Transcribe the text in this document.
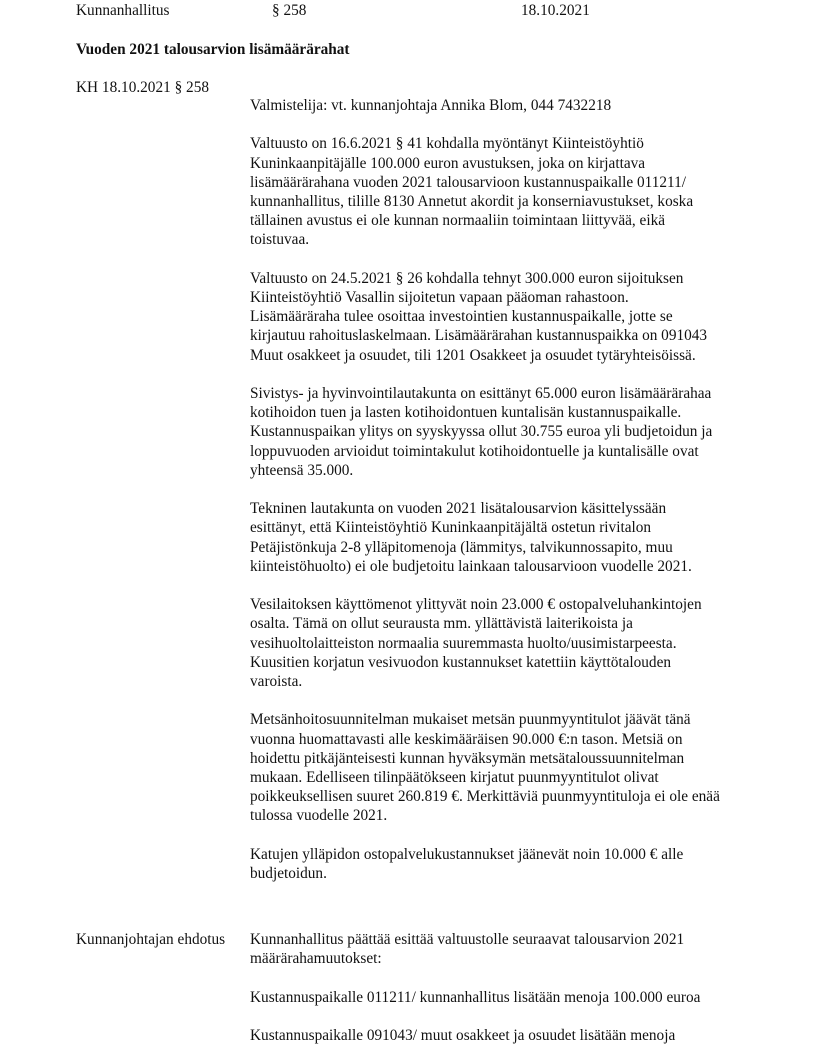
Kunnanhallitus	§ 258	18.10.2021
Vuoden 2021 talousarvion lisämäärärahat
KH 18.10.2021 § 258

Valmistelija: vt. kunnanjohtaja Annika Blom, 044 7432218

Valtuusto on 16.6.2021 § 41 kohdalla myöntänyt Kiinteistöyhtiö
Kuninkaanpitäjälle 100.000 euron avustuksen, joka on kirjattava
lisämäärärahana vuoden 2021 talousarvioon kustannuspaikalle 011211/
kunnanhallitus, tilille 8130 Annetut akordit ja konserniavustukset, koska
tällainen avustus ei ole kunnan normaaliin toimintaan liittyvää, eikä
toistuvaa.

Valtuusto on 24.5.2021 § 26 kohdalla tehnyt 300.000 euron sijoituksen
Kiinteistöyhtiö Vasallin sijoitetun vapaan pääoman rahastoon.
Lisämääräraha tulee osoittaa investointien kustannuspaikalle, jotte se
kirjautuu rahoituslaskelmaan. Lisämäärärahan kustannuspaikka on 091043
Muut osakkeet ja osuudet, tili 1201 Osakkeet ja osuudet tytäryhteisöissä.

Sivistys- ja hyvinvointilautakunta on esittänyt 65.000 euron lisämäärärahaa
kotihoidon tuen ja lasten kotihoidontuen kuntalisän kustannuspaikalle.
Kustannuspaikan ylitys on syyskyyssa ollut 30.755 euroa yli budjetoidun ja
loppuvuoden arvioidut toimintakulut kotihoidontuelle ja kuntalisälle ovat
yhteensä 35.000.

Tekninen lautakunta on vuoden 2021 lisätalousarvion käsittelyssään
esittänyt, että Kiinteistöyhtiö Kuninkaanpitäjältä ostetun rivitalon
Petäjistönkuja 2-8 ylläpitomenoja (lämmitys, talvikunnossapito, muu
kiinteistöhuolto) ei ole budjetoitu lainkaan talousarvioon vuodelle 2021.

Vesilaitoksen käyttömenot ylittyvät noin 23.000 € ostopalveluhankintojen
osalta. Tämä on ollut seurausta mm. yllättävistä laiterikoista ja
vesihuoltolaitteiston normaalia suuremmasta huolto/uusimistarpeesta.
Kuusitien korjatun vesivuodon kustannukset katettiin käyttötalouden
varoista.

Metsänhoitosuunnitelman mukaiset metsän puunmyyntitulot jäävät tänä
vuonna huomattavasti alle keskimääräisen 90.000 €:n tason. Metsiä on
hoidettu pitkäjänteisesti kunnan hyväksymän metsätaloussuunnitelman
mukaan. Edelliseen tilinpäätökseen kirjatut puunmyyntitulot olivat
poikkeuksellisen suuret 260.819 €. Merkittäviä puunmyyntituloja ei ole enää
tulossa vuodelle 2021.

Katujen ylläpidon ostopalvelukustannukset jäänevät noin 10.000 € alle
budjetoidun.

Kunnanjohtajan ehdotus Kunnanhallitus päättää esittää valtuustolle seuraavat talousarvion 2021
määrärahamuutokset:

Kustannuspaikalle 011211/ kunnanhallitus lisätään menoja 100.000 euroa

Kustannuspaikalle 091043/ muut osakkeet ja osuudet lisätään menoja
